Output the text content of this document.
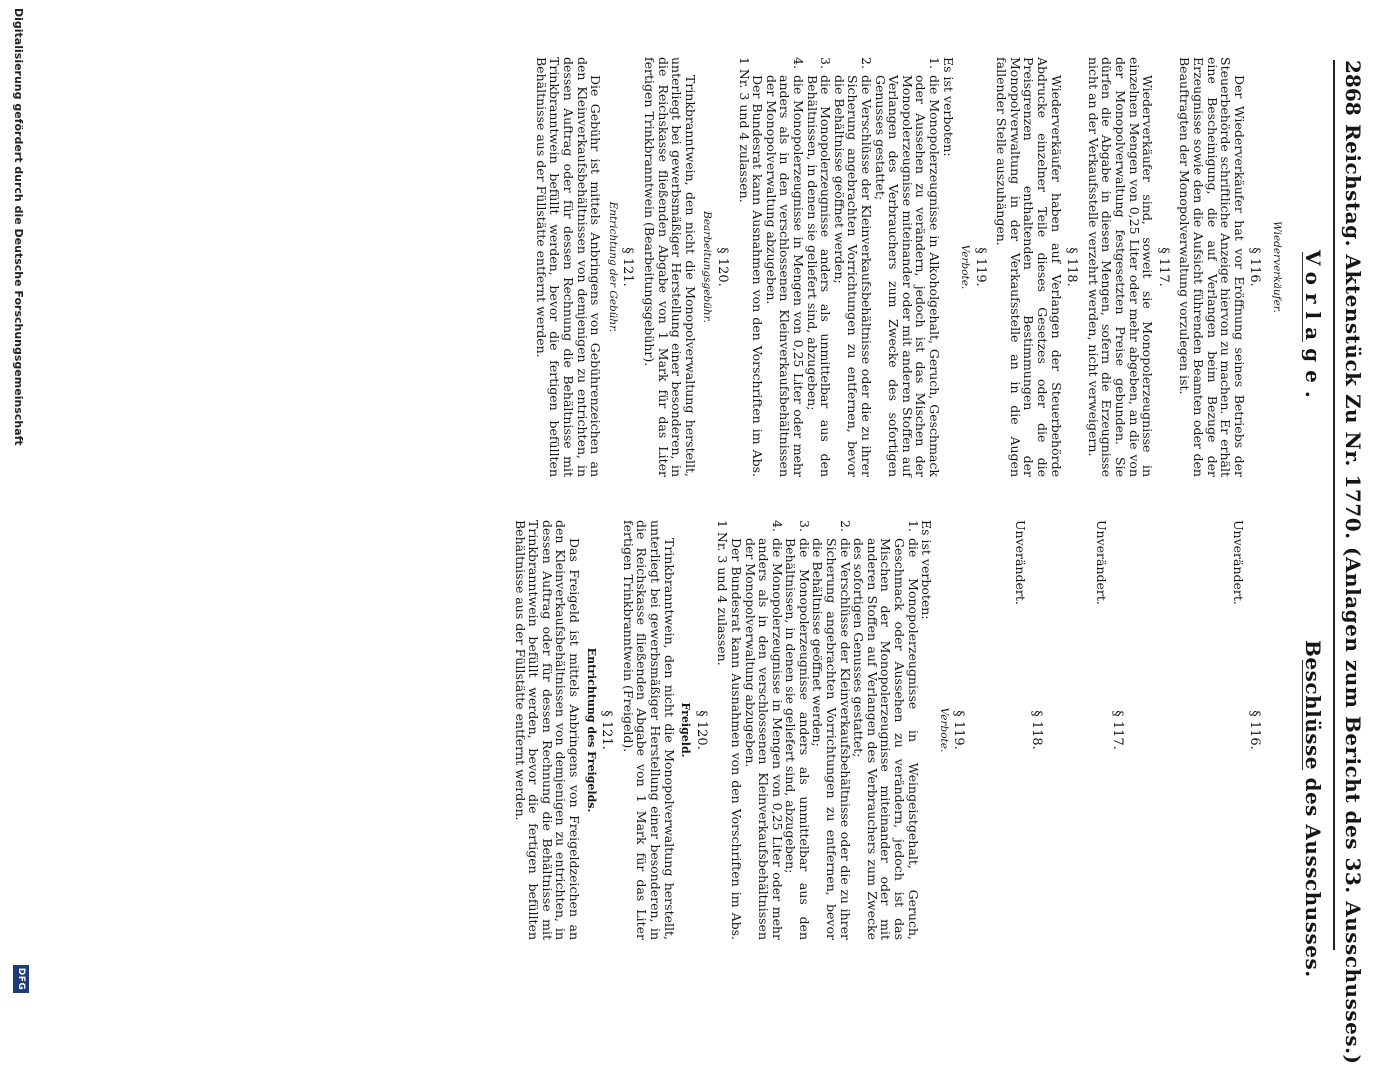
2868
Reichstag. Aktenstück Zu Nr. 1770. (Anlagen zum Bericht des 33. Ausschusses.)
Vorlage.
Beschlüsse des Ausschusses.
Wiederverkäufer.
§ 116.

Der Wiederverkäufer hat vor Eröffnung seines Betriebs der Steuerbehörde schriftliche Anzeige hiervon zu machen. Er erhält eine Bescheinigung, die auf Verlangen beim Bezuge der Erzeugnisse sowie den die Aufsicht führenden Beamten oder den Beauftragten der Monopolverwaltung vorzulegen ist.

§ 117.

Wiederverkäufer sind, soweit sie Monopolerzeugnisse in einzelnen Mengen von 0,25 Liter oder mehr abgeben, an die von der Monopolverwaltung festgesetzten Preise gebunden. Sie dürfen die Abgabe in diesen Mengen, sofern die Erzeugnisse nicht an der Verkaufsstelle verzehrt werden, nicht verweigern.

§ 118.

Wiederverkäufer haben auf Verlangen der Steuerbehörde Abdrucke einzelner Teile dieses Gesetzes oder die die Preisgrenzen enthaltenden Bestimmungen der Monopolverwaltung in der Verkaufsstelle an in die Augen fallender Stelle auszuhängen.

§ 119.
Verbote.

Es ist verboten:

1.
die Monopolerzeugnisse in Alkoholgehalt, Geruch, Geschmack oder Aussehen zu verändern, jedoch ist das Mischen der Monopolerzeugnisse miteinander oder mit anderen Stoffen auf Verlangen des Verbrauchers zum Zwecke des sofortigen Genusses gestattet;
2.
die Verschlüsse der Kleinverkaufsbehältnisse oder die zu ihrer Sicherung angebrachten Vorrichtungen zu entfernen, bevor die Behältnisse geöffnet werden;
3.
die Monopolerzeugnisse anders als unmittelbar aus den Behältnissen, in denen sie geliefert sind, abzugeben;
4.
die Monopolerzeugnisse in Mengen von 0,25 Liter oder mehr anders als in den verschlossenen Kleinverkaufsbehältnissen der Monopolverwaltung abzugeben.

Der Bundesrat kann Ausnahmen von den Vorschriften im Abs. 1 Nr. 3 und 4 zulassen.

§ 120.
Bearbeitungsgebühr.

Trinkbranntwein, den nicht die Monopolverwaltung herstellt, unterliegt bei gewerbsmäßiger Herstellung einer besonderen, in die Reichskasse fließenden Abgabe von 1 Mark für das Liter fertigen Trinkbranntwein (Bearbeitungsgebühr).

§ 121.
Entrichtung der Gebühr.

Die Gebühr ist mittels Anbringens von Gebührenzeichen an den Kleinverkaufsbehältnissen von demjenigen zu entrichten, in dessen Auftrag oder für dessen Rechnung die Behältnisse mit Trinkbranntwein befüllt werden, bevor die fertigen befüllten Behältnisse aus der Füllstätte entfernt werden.

§ 116.

Unverändert.

§ 117.

Unverändert.

§ 118.

Unverändert.

§ 119.
Verbote.

Es ist verboten:

1.
die Monopolerzeugnisse in Weingeistgehalt, Geruch, Geschmack oder Aussehen zu verändern, jedoch ist das Mischen der Monopolerzeugnisse miteinander oder mit anderen Stoffen auf Verlangen des Verbrauchers zum Zwecke des sofortigen Genusses gestattet;
2.
die Verschlüsse der Kleinverkaufsbehältnisse oder die zu ihrer Sicherung angebrachten Vorrichtungen zu entfernen, bevor die Behältnisse geöffnet werden;
3.
die Monopolerzeugnisse anders als unmittelbar aus den Behältnissen, in denen sie geliefert sind, abzugeben;
4.
die Monopolerzeugnisse in Mengen von 0,25 Liter oder mehr anders als in den verschlossenen Kleinverkaufsbehältnissen der Monopolverwaltung abzugeben.

Der Bundesrat kann Ausnahmen von den Vorschriften im Abs. 1 Nr. 3 und 4 zulassen.

§ 120.
Freigeld.

Trinkbranntwein, den nicht die Monopolverwaltung herstellt, unterliegt bei gewerbsmäßiger Herstellung einer besonderen, in die Reichskasse fließenden Abgabe von 1 Mark für das Liter fertigen Trinkbranntwein (Freigeld).

§ 121.
Entrichtung des Freigelds.

Das Freigeld ist mittels Anbringens von Freigeldzeichen an den Kleinverkaufsbehältnissen von demjenigen zu entrichten, in dessen Auftrag oder für dessen Rechnung die Behältnisse mit Trinkbranntwein befüllt werden, bevor die fertigen befüllten Behältnisse aus der Füllstätte entfernt werden.

Digitalisierung gefördert durch die Deutsche Forschungsgemeinschaft
DFG
